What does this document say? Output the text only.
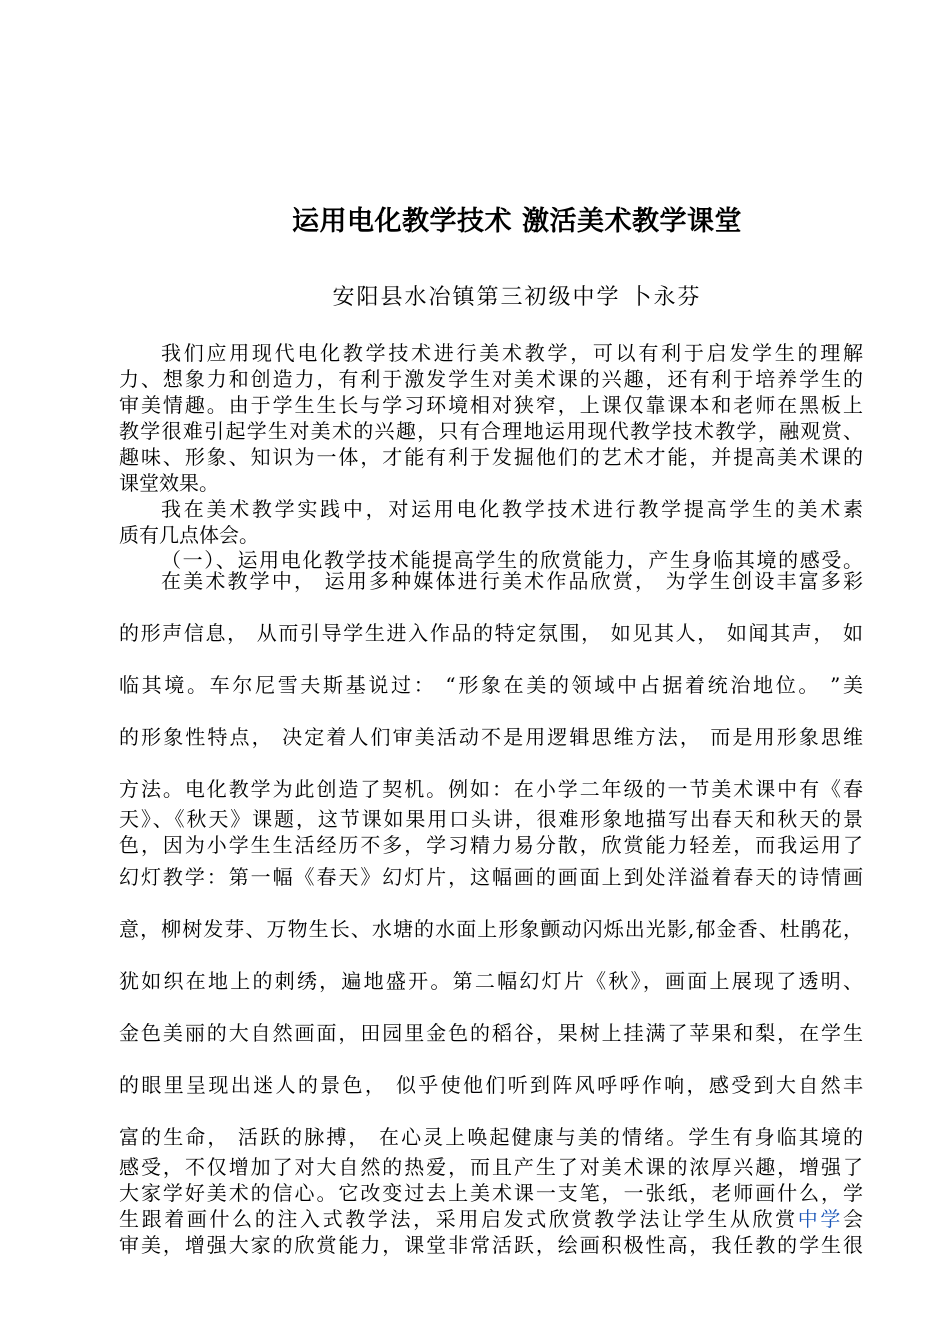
运用电化教学技术 激活美术教学课堂
安阳县水冶镇第三初级中学 卜永芬
我们应用现代电化教学技术进行美术教学，可以有利于启发学生的理解
力、想象力和创造力，有利于激发学生对美术课的兴趣，还有利于培养学生的
审美情趣。由于学生生长与学习环境相对狭窄，上课仅靠课本和老师在黑板上
教学很难引起学生对美术的兴趣，只有合理地运用现代教学技术教学，融观赏、
趣味、形象、知识为一体，才能有利于发掘他们的艺术才能，并提高美术课的
课堂效果。
我在美术教学实践中，对运用电化教学技术进行教学提高学生的美术素
质有几点体会。
（一）、运用电化教学技术能提高学生的欣赏能力，产生身临其境的感受。
在美术教学中， 运用多种媒体进行美术作品欣赏， 为学生创设丰富多彩
的形声信息， 从而引导学生进入作品的特定氛围， 如见其人， 如闻其声， 如
临其境。车尔尼雪夫斯基说过： “形象在美的领域中占据着统治地位。 ”美
的形象性特点， 决定着人们审美活动不是用逻辑思维方法， 而是用形象思维
方法。电化教学为此创造了契机。例如：在小学二年级的一节美术课中有《春
天》、《秋天》课题，这节课如果用口头讲，很难形象地描写出春天和秋天的景
色，因为小学生生活经历不多，学习精力易分散，欣赏能力轻差，而我运用了
幻灯教学：第一幅《春天》幻灯片，这幅画的画面上到处洋溢着春天的诗情画
意，柳树发芽、万物生长、水塘的水面上形象颤动闪烁出光影,郁金香、杜鹃花，
犹如织在地上的刺绣，遍地盛开。第二幅幻灯片《秋》，画面上展现了透明、
金色美丽的大自然画面，田园里金色的稻谷，果树上挂满了苹果和梨，在学生
的眼里呈现出迷人的景色， 似乎使他们听到阵风呼呼作响，感受到大自然丰
富的生命， 活跃的脉搏， 在心灵上唤起健康与美的情绪。学生有身临其境的
感受，不仅增加了对大自然的热爱，而且产生了对美术课的浓厚兴趣，增强了
大家学好美术的信心。它改变过去上美术课一支笔，一张纸，老师画什么，学
生跟着画什么的注入式教学法，采用启发式欣赏教学法让学生从欣赏中学会
审美，增强大家的欣赏能力，课堂非常活跃，绘画积极性高，我任教的学生很
